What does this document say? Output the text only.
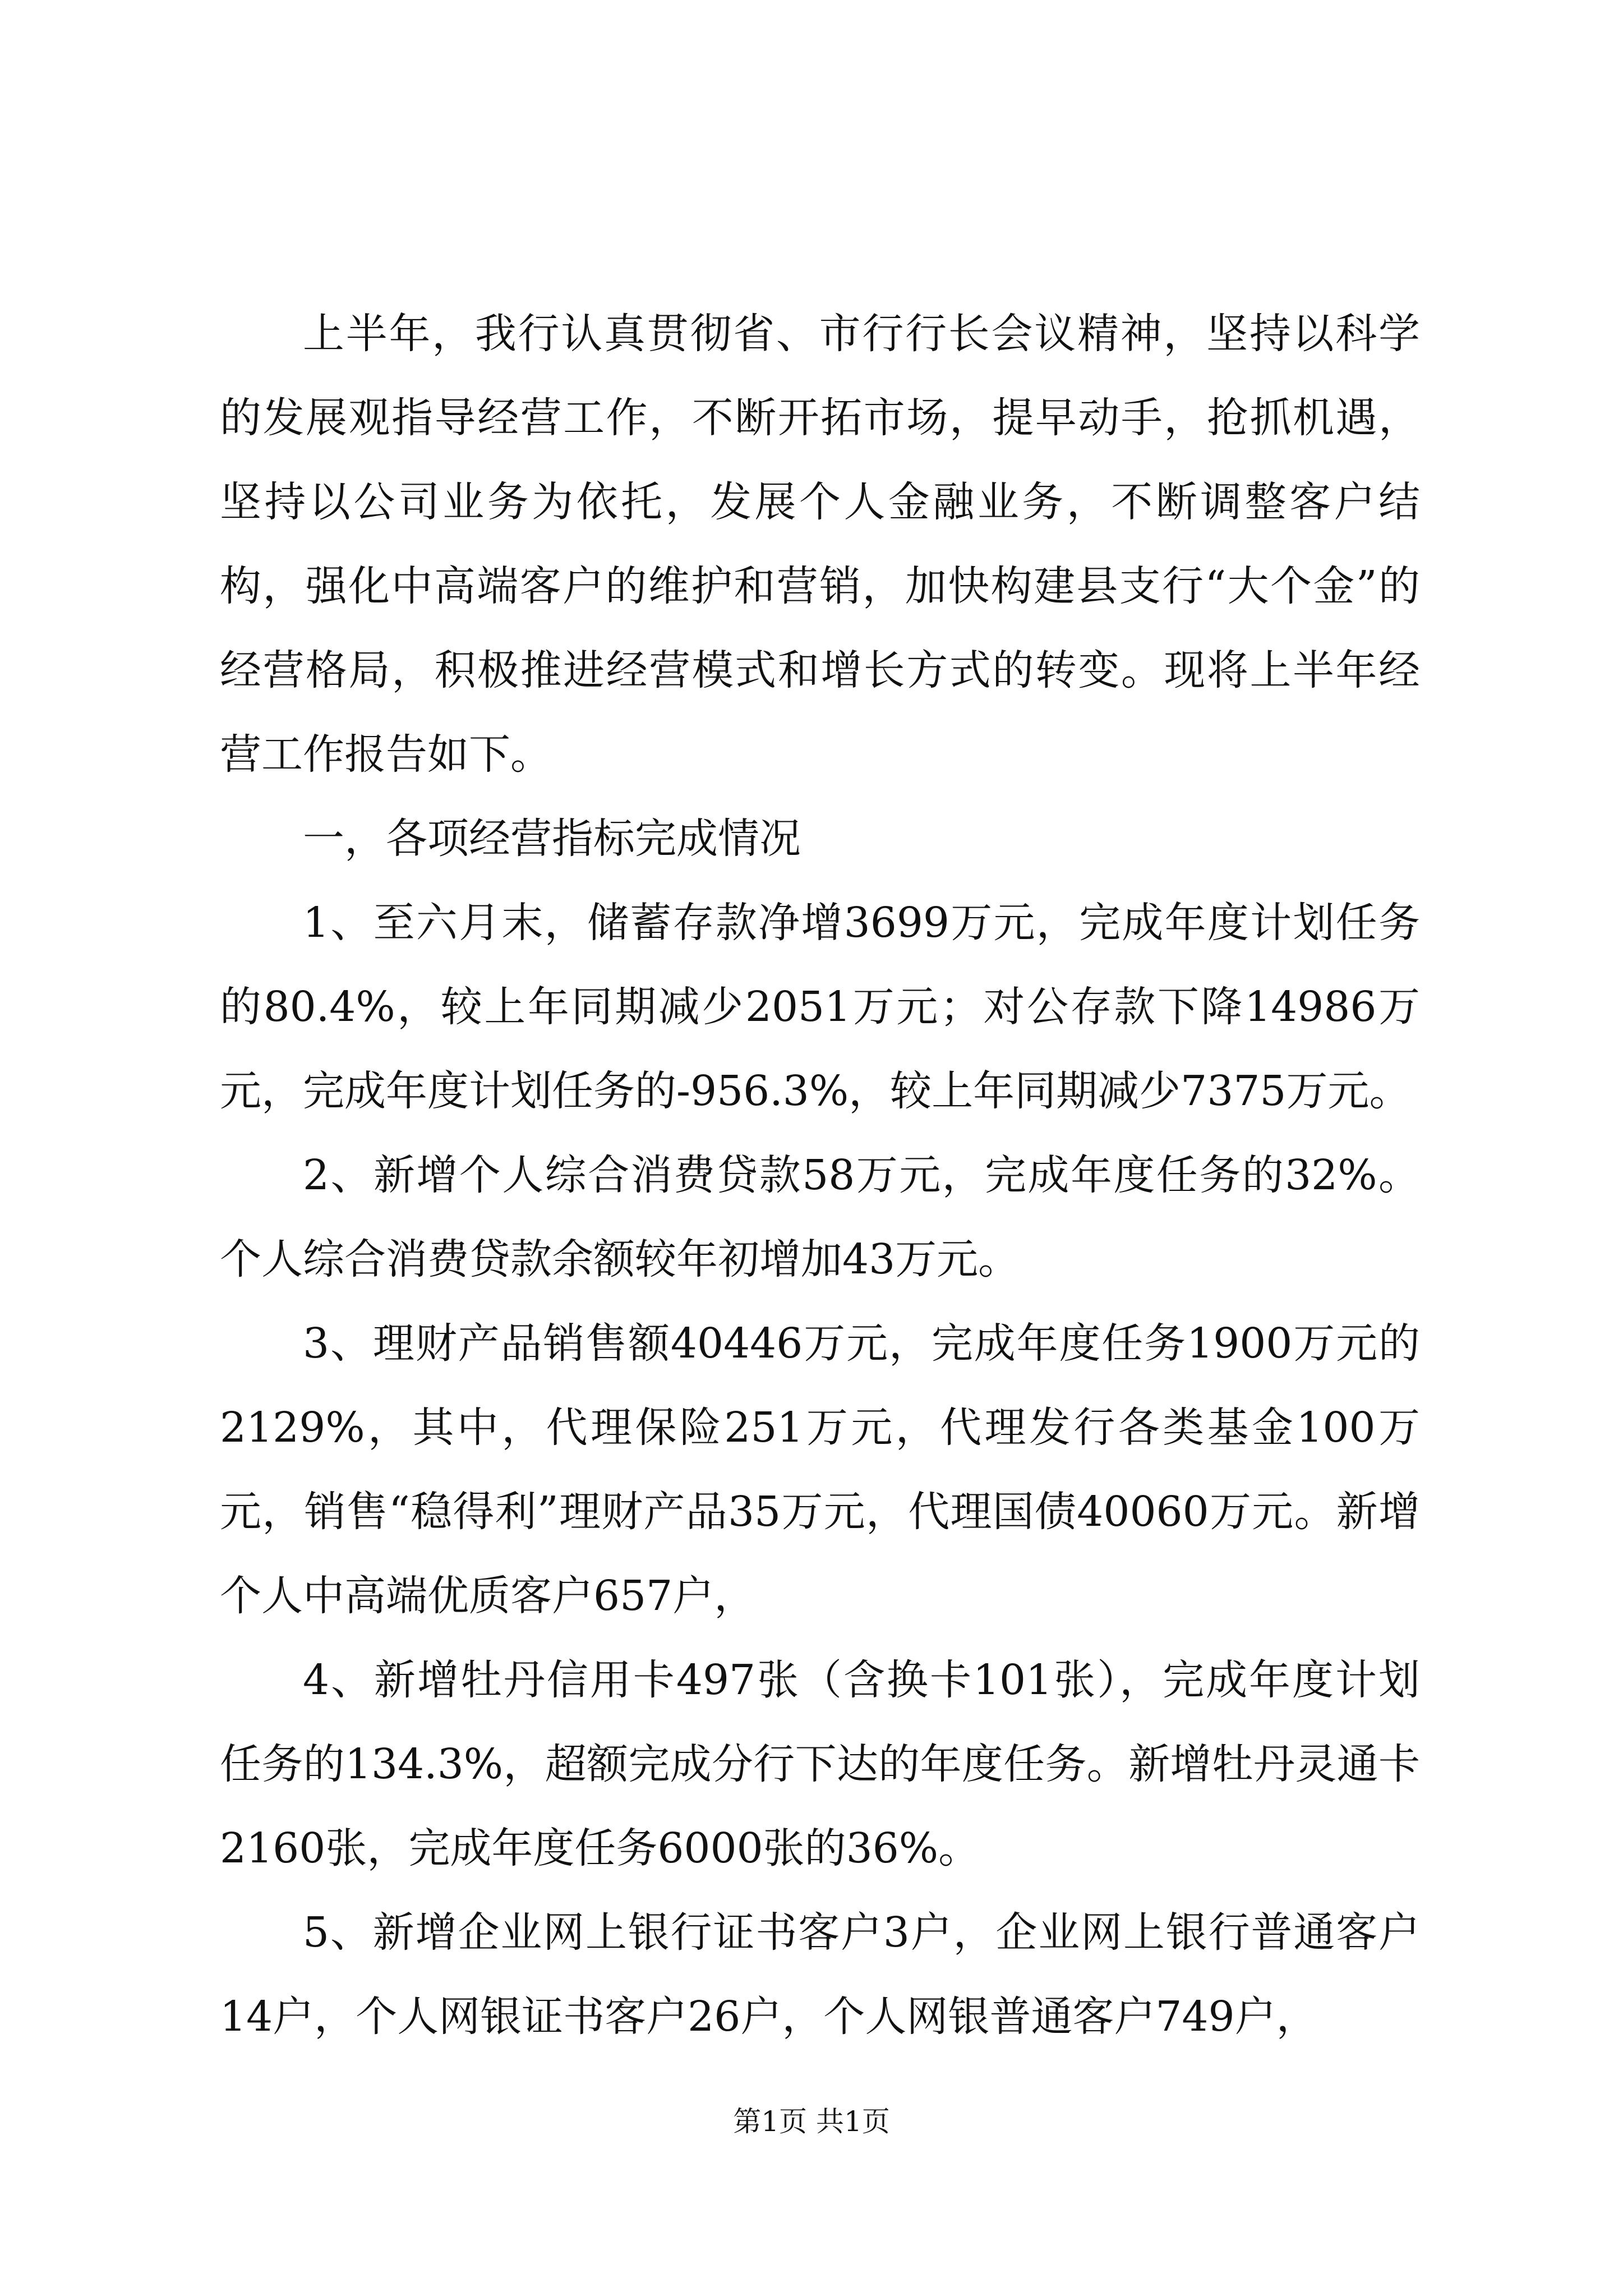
上半年，我行认真贯彻省、市行行长会议精神，坚持以科学的发展观指导经营工作，不断开拓市场，提早动手，抢抓机遇，坚持以公司业务为依托，发展个人金融业务，不断调整客户结构，强化中高端客户的维护和营销，加快构建县支行“大个金”的经营格局，积极推进经营模式和增长方式的转变。现将上半年经营工作报告如下。

一，各项经营指标完成情况

1、至六月末，储蓄存款净增3699万元，完成年度计划任务的80.4%，较上年同期减少2051万元；对公存款下降14986万元，完成年度计划任务的-956.3%，较上年同期减少7375万元。

2、新增个人综合消费贷款58万元，完成年度任务的32%。个人综合消费贷款余额较年初增加43万元。

3、理财产品销售额40446万元，完成年度任务1900万元的2129%，其中，代理保险251万元，代理发行各类基金100万元，销售“稳得利”理财产品35万元，代理国债40060万元。新增个人中高端优质客户657户，

4、新增牡丹信用卡497张（含换卡101张），完成年度计划任务的134.3%，超额完成分行下达的年度任务。新增牡丹灵通卡2160张，完成年度任务6000张的36%。

5、新增企业网上银行证书客户3户，企业网上银行普通客户14户，个人网银证书客户26户，个人网银普通客户749户，

第1页 共1页
